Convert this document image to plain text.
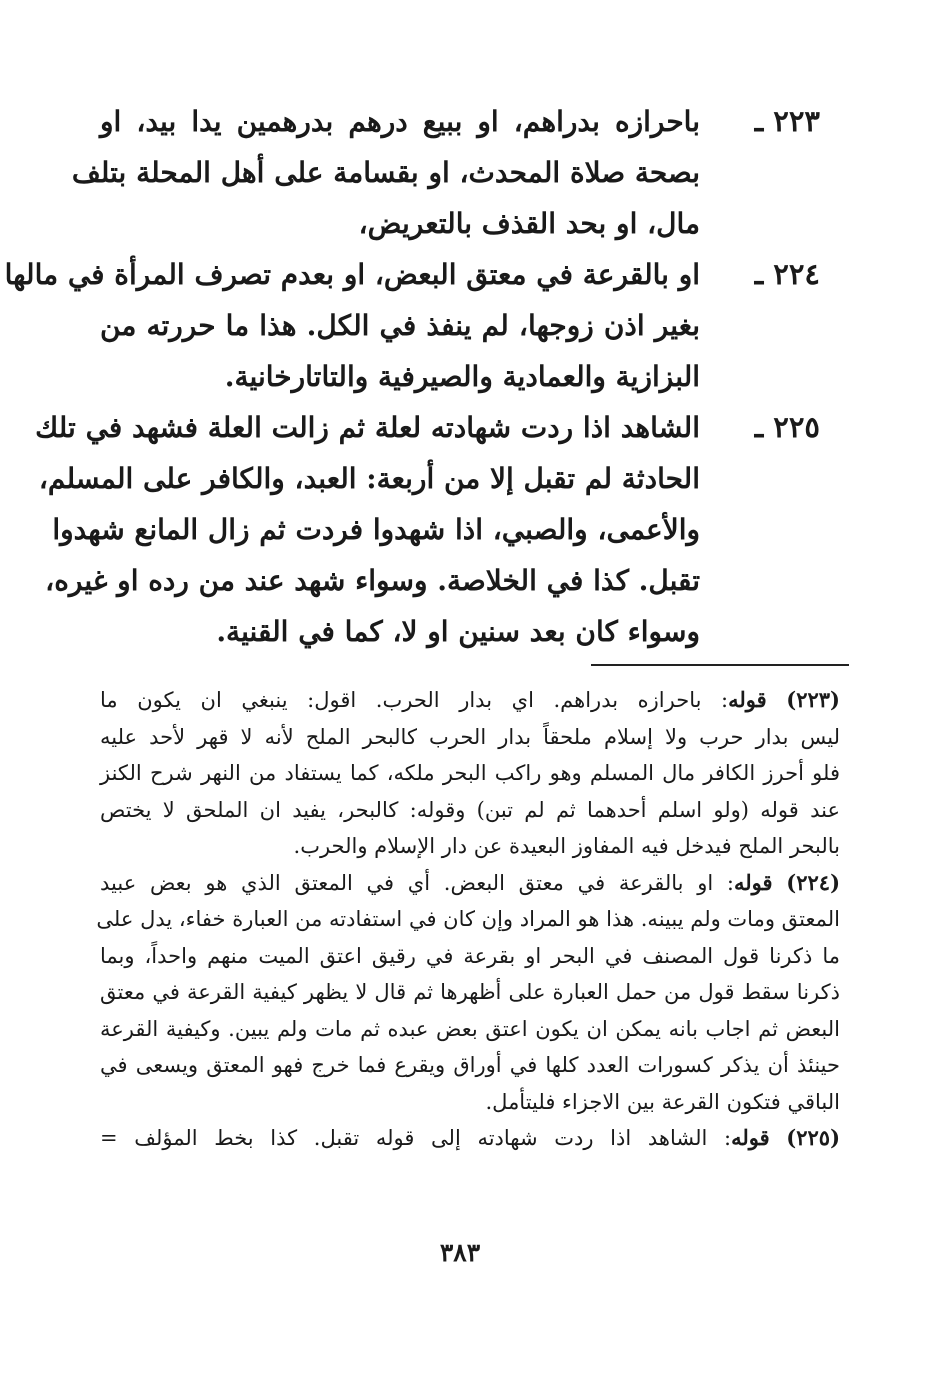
٢٢٣ـ
باحرازه بدراهم، او ببيع درهم بدرهمين يدا بيد، او
بصحة صلاة المحدث، او بقسامة على أهل المحلة بتلف
مال، او بحد القذف بالتعريض،
٢٢٤ـ
او بالقرعة في معتق البعض، او بعدم تصرف المرأة في مالها
بغير اذن زوجها، لم ينفذ في الكل. هذا ما حررته من
البزازية والعمادية والصيرفية والتاتارخانية.
٢٢٥ـ
الشاهد اذا ردت شهادته لعلة ثم زالت العلة فشهد في تلك
الحادثة لم تقبل إلا من أربعة: العبد، والكافر على المسلم،
والأعمى، والصبي، اذا شهدوا فردت ثم زال المانع شهدوا
تقبل. كذا في الخلاصة. وسواء شهد عند من رده او غيره،
وسواء كان بعد سنين او لا، كما في القنية.
(٢٢٣) قوله: باحرازه بدراهم. اي بدار الحرب. اقول: ينبغي ان يكون ما
ليس بدار حرب ولا إسلام ملحقاً بدار الحرب كالبحر الملح لأنه لا قهر لأحد عليه
فلو أحرز الكافر مال المسلم وهو راكب البحر ملكه، كما يستفاد من النهر شرح الكنز
عند قوله (ولو اسلم أحدهما ثم لم تبن) وقوله: كالبحر، يفيد ان الملحق لا يختص
بالبحر الملح فيدخل فيه المفاوز البعيدة عن دار الإسلام والحرب.
(٢٢٤) قوله: او بالقرعة في معتق البعض. أي في المعتق الذي هو بعض عبيد
المعتق ومات ولم يبينه. هذا هو المراد وإن كان في استفادته من العبارة خفاء، يدل على
ما ذكرنا قول المصنف في البحر او بقرعة في رقيق اعتق الميت منهم واحداً، وبما
ذكرنا سقط قول من حمل العبارة على أظهرها ثم قال لا يظهر كيفية القرعة في معتق
البعض ثم اجاب بانه يمكن ان يكون اعتق بعض عبده ثم مات ولم يبين. وكيفية القرعة
حينئذ أن يذكر كسورات العدد كلها في أوراق ويقرع فما خرج فهو المعتق ويسعى في
الباقي فتكون القرعة بين الاجزاء فليتأمل.
(٢٢٥) قوله: الشاهد اذا ردت شهادته إلى قوله تقبل. كذا بخط المؤلف =
٣٨٣
